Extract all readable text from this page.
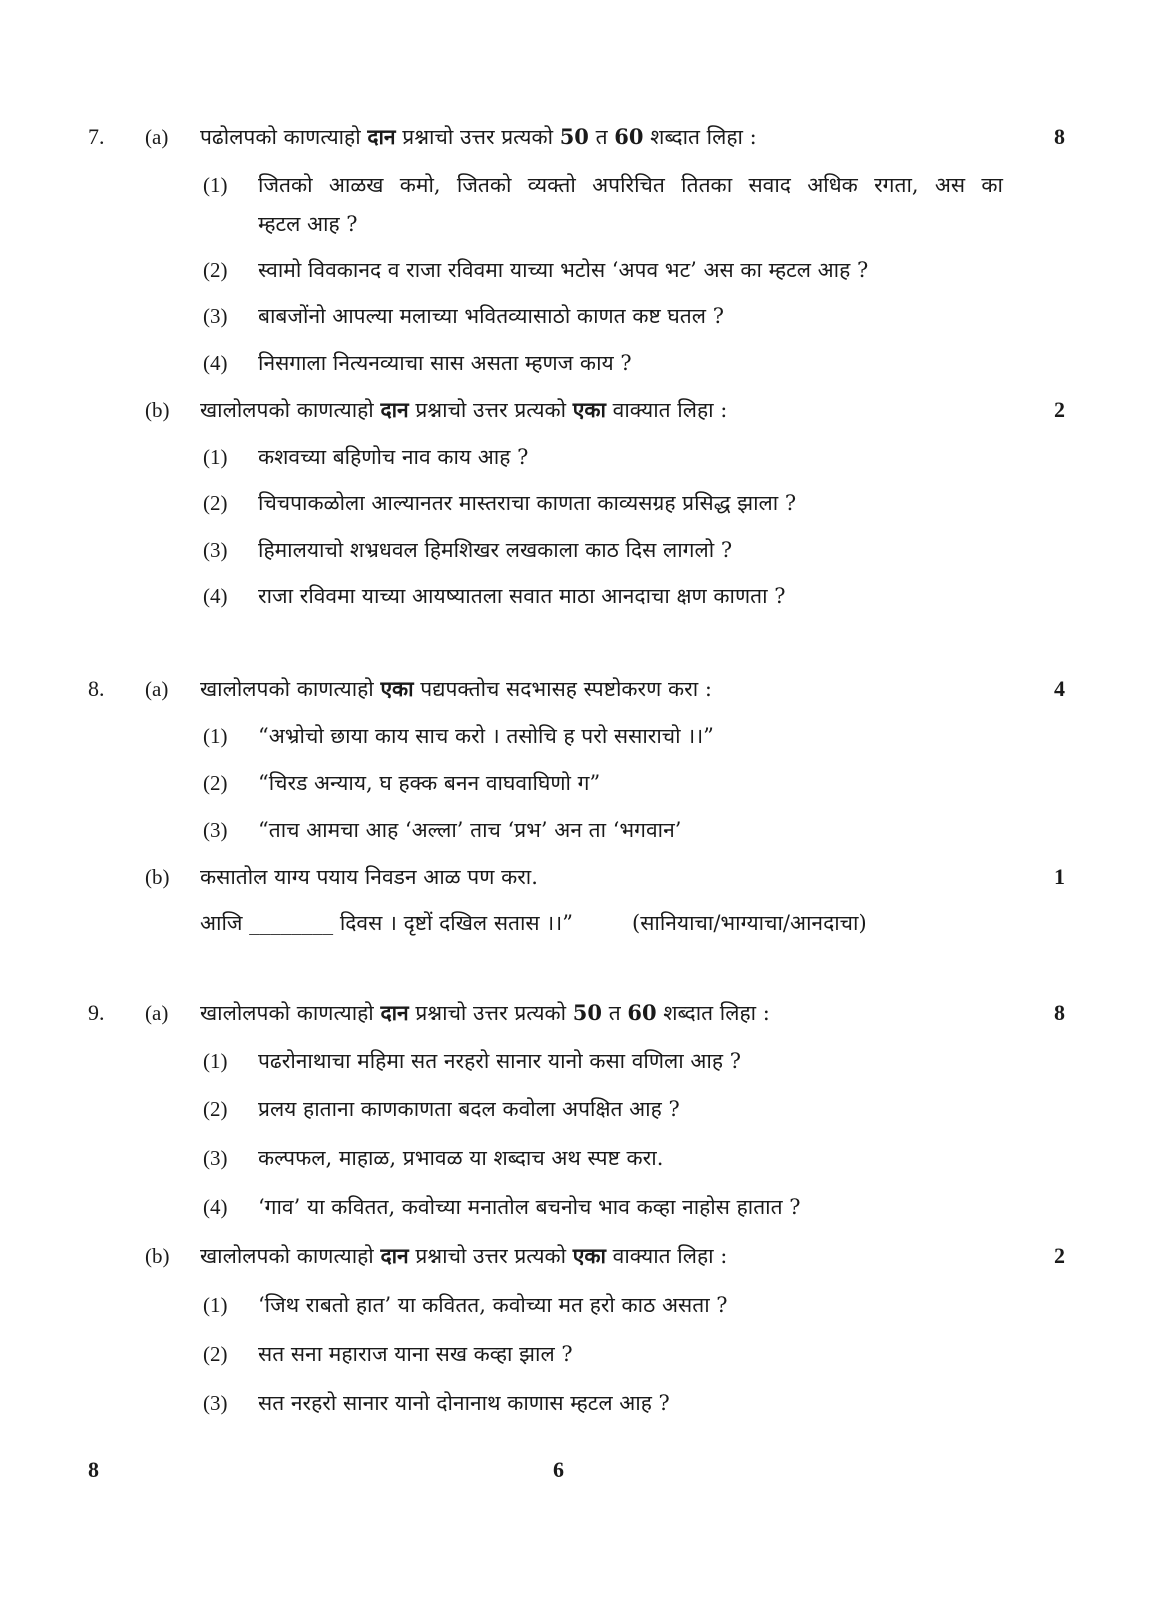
7. (a) पढोलपको काणत्याहो दान प्रश्नाचो उत्तर प्रत्यको 50 त 60 शब्दात लिहा :	8
(1) जितको आळख कमो, जितको व्यक्तो अपरिचित तितका सवाद अधिक रगता, अस का
म्हटल आह ?
(2) स्वामो विवकानद व राजा रविवमा याच्या भटोस ‘अपव भट’ अस का म्हटल आह ?
(3) बाबजोंनो आपल्या मलाच्या भवितव्यासाठो काणत कष्ट घतल ?
(4) निसगाला नित्यनव्याचा सास असता म्हणज काय ?
(b) खालोलपको काणत्याहो दान प्रश्नाचो उत्तर प्रत्यको एका वाक्यात लिहा :	2
(1) कशवच्या बहिणोच नाव काय आह ?
(2) चिचपाकळोला आल्यानतर मास्तराचा काणता काव्यसग्रह प्रसिद्ध झाला ?
(3) हिमालयाचो शभ्रधवल हिमशिखर लखकाला काठ दिस लागलो ?
(4) राजा रविवमा याच्या आयष्यातला सवात माठा आनदाचा क्षण काणता ?
8. (a) खालोलपको काणत्याहो एका पद्यपक्तोच सदभासह स्पष्टोकरण करा :	4
(1) “अभ्रोचो छाया काय साच करो । तसोचि ह परो ससाराचो ।।”
(2) “चिरड अन्याय, घ हक्क बनन वाघवाघिणो ग”
(3) “ताच आमचा आह ‘अल्ला’ ताच ‘प्रभ’ अन ता ‘भगवान’
(b) कसातोल याग्य पयाय निवडन आळ पण करा.	1
आजि ________ दिवस । दृष्टों दखिल सतास ।।”	(सानियाचा/भाग्याचा/आनदाचा)
9. (a) खालोलपको काणत्याहो दान प्रश्नाचो उत्तर प्रत्यको 50 त 60 शब्दात लिहा :	8
(1) पढरोनाथाचा महिमा सत नरहरो सानार यानो कसा वणिला आह ?
(2) प्रलय हाताना काणकाणता बदल कवोला अपक्षित आह ?
(3) कल्पफल, माहाळ, प्रभावळ या शब्दाच अथ स्पष्ट करा.
(4) ‘गाव’ या कवितत, कवोच्या मनातोल बचनोच भाव कव्हा नाहोस हातात ?
(b) खालोलपको काणत्याहो दान प्रश्नाचो उत्तर प्रत्यको एका वाक्यात लिहा :	2
(1) ‘जिथ राबतो हात’ या कवितत, कवोच्या मत हरो काठ असता ?
(2) सत सना महाराज याना सख कव्हा झाल ?
(3) सत नरहरो सानार यानो दोनानाथ काणास म्हटल आह ?
8	6
